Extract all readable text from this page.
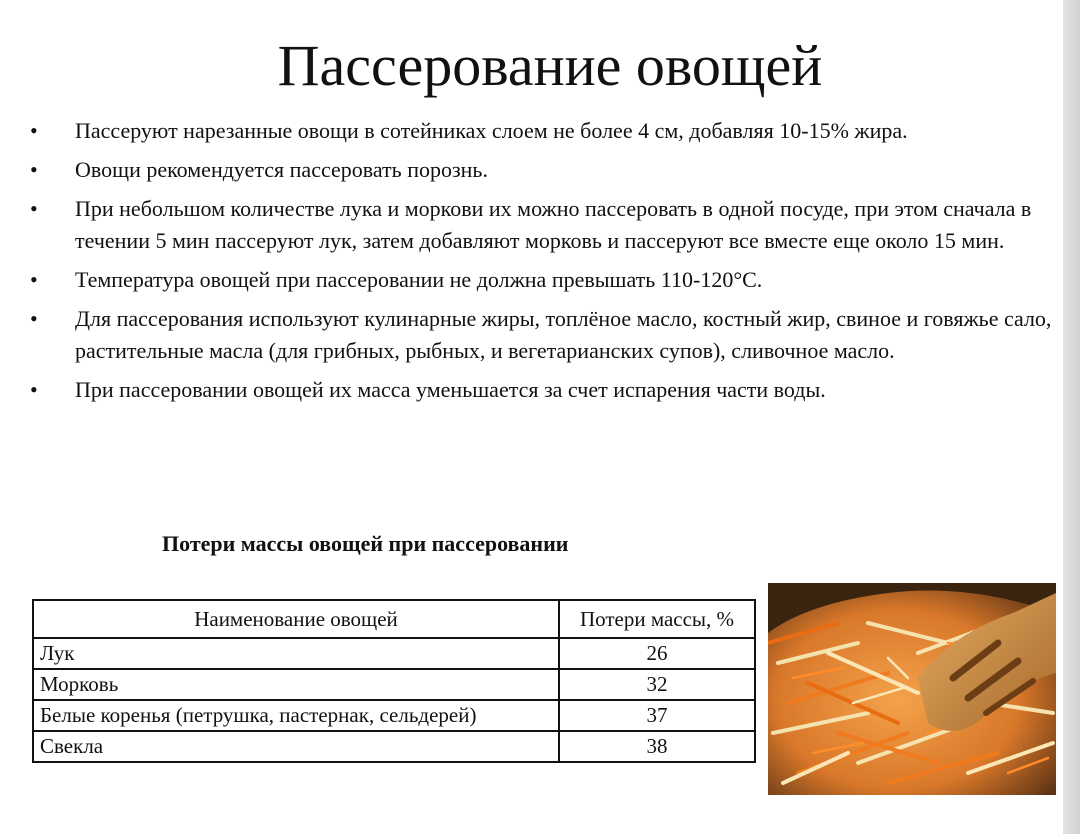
Пассерование овощей
• Пассеруют нарезанные овощи в сотейниках слоем не более 4 см, добавляя 10-15% жира.
• Овощи рекомендуется пассеровать порознь.
• При небольшом количестве лука и моркови их можно пассеровать в одной посуде, при этом сначала в течении 5 мин пассеруют лук, затем добавляют морковь и пассеруют все вместе еще около 15 мин.
• Температура овощей при пассеровании не должна превышать 110-120°С.
• Для пассерования используют кулинарные жиры, топлёное масло, костный жир, свиное и говяжье сало, растительные масла (для грибных, рыбных, и вегетарианских супов), сливочное масло.
• При пассеровании овощей их масса уменьшается за счет испарения части воды.
Потери массы овощей при пассеровании
Наименование овощей	Потери массы, %
Лук	26
Морковь	32
Белые коренья (петрушка, пастернак, сельдерей)	37
Свекла	38
